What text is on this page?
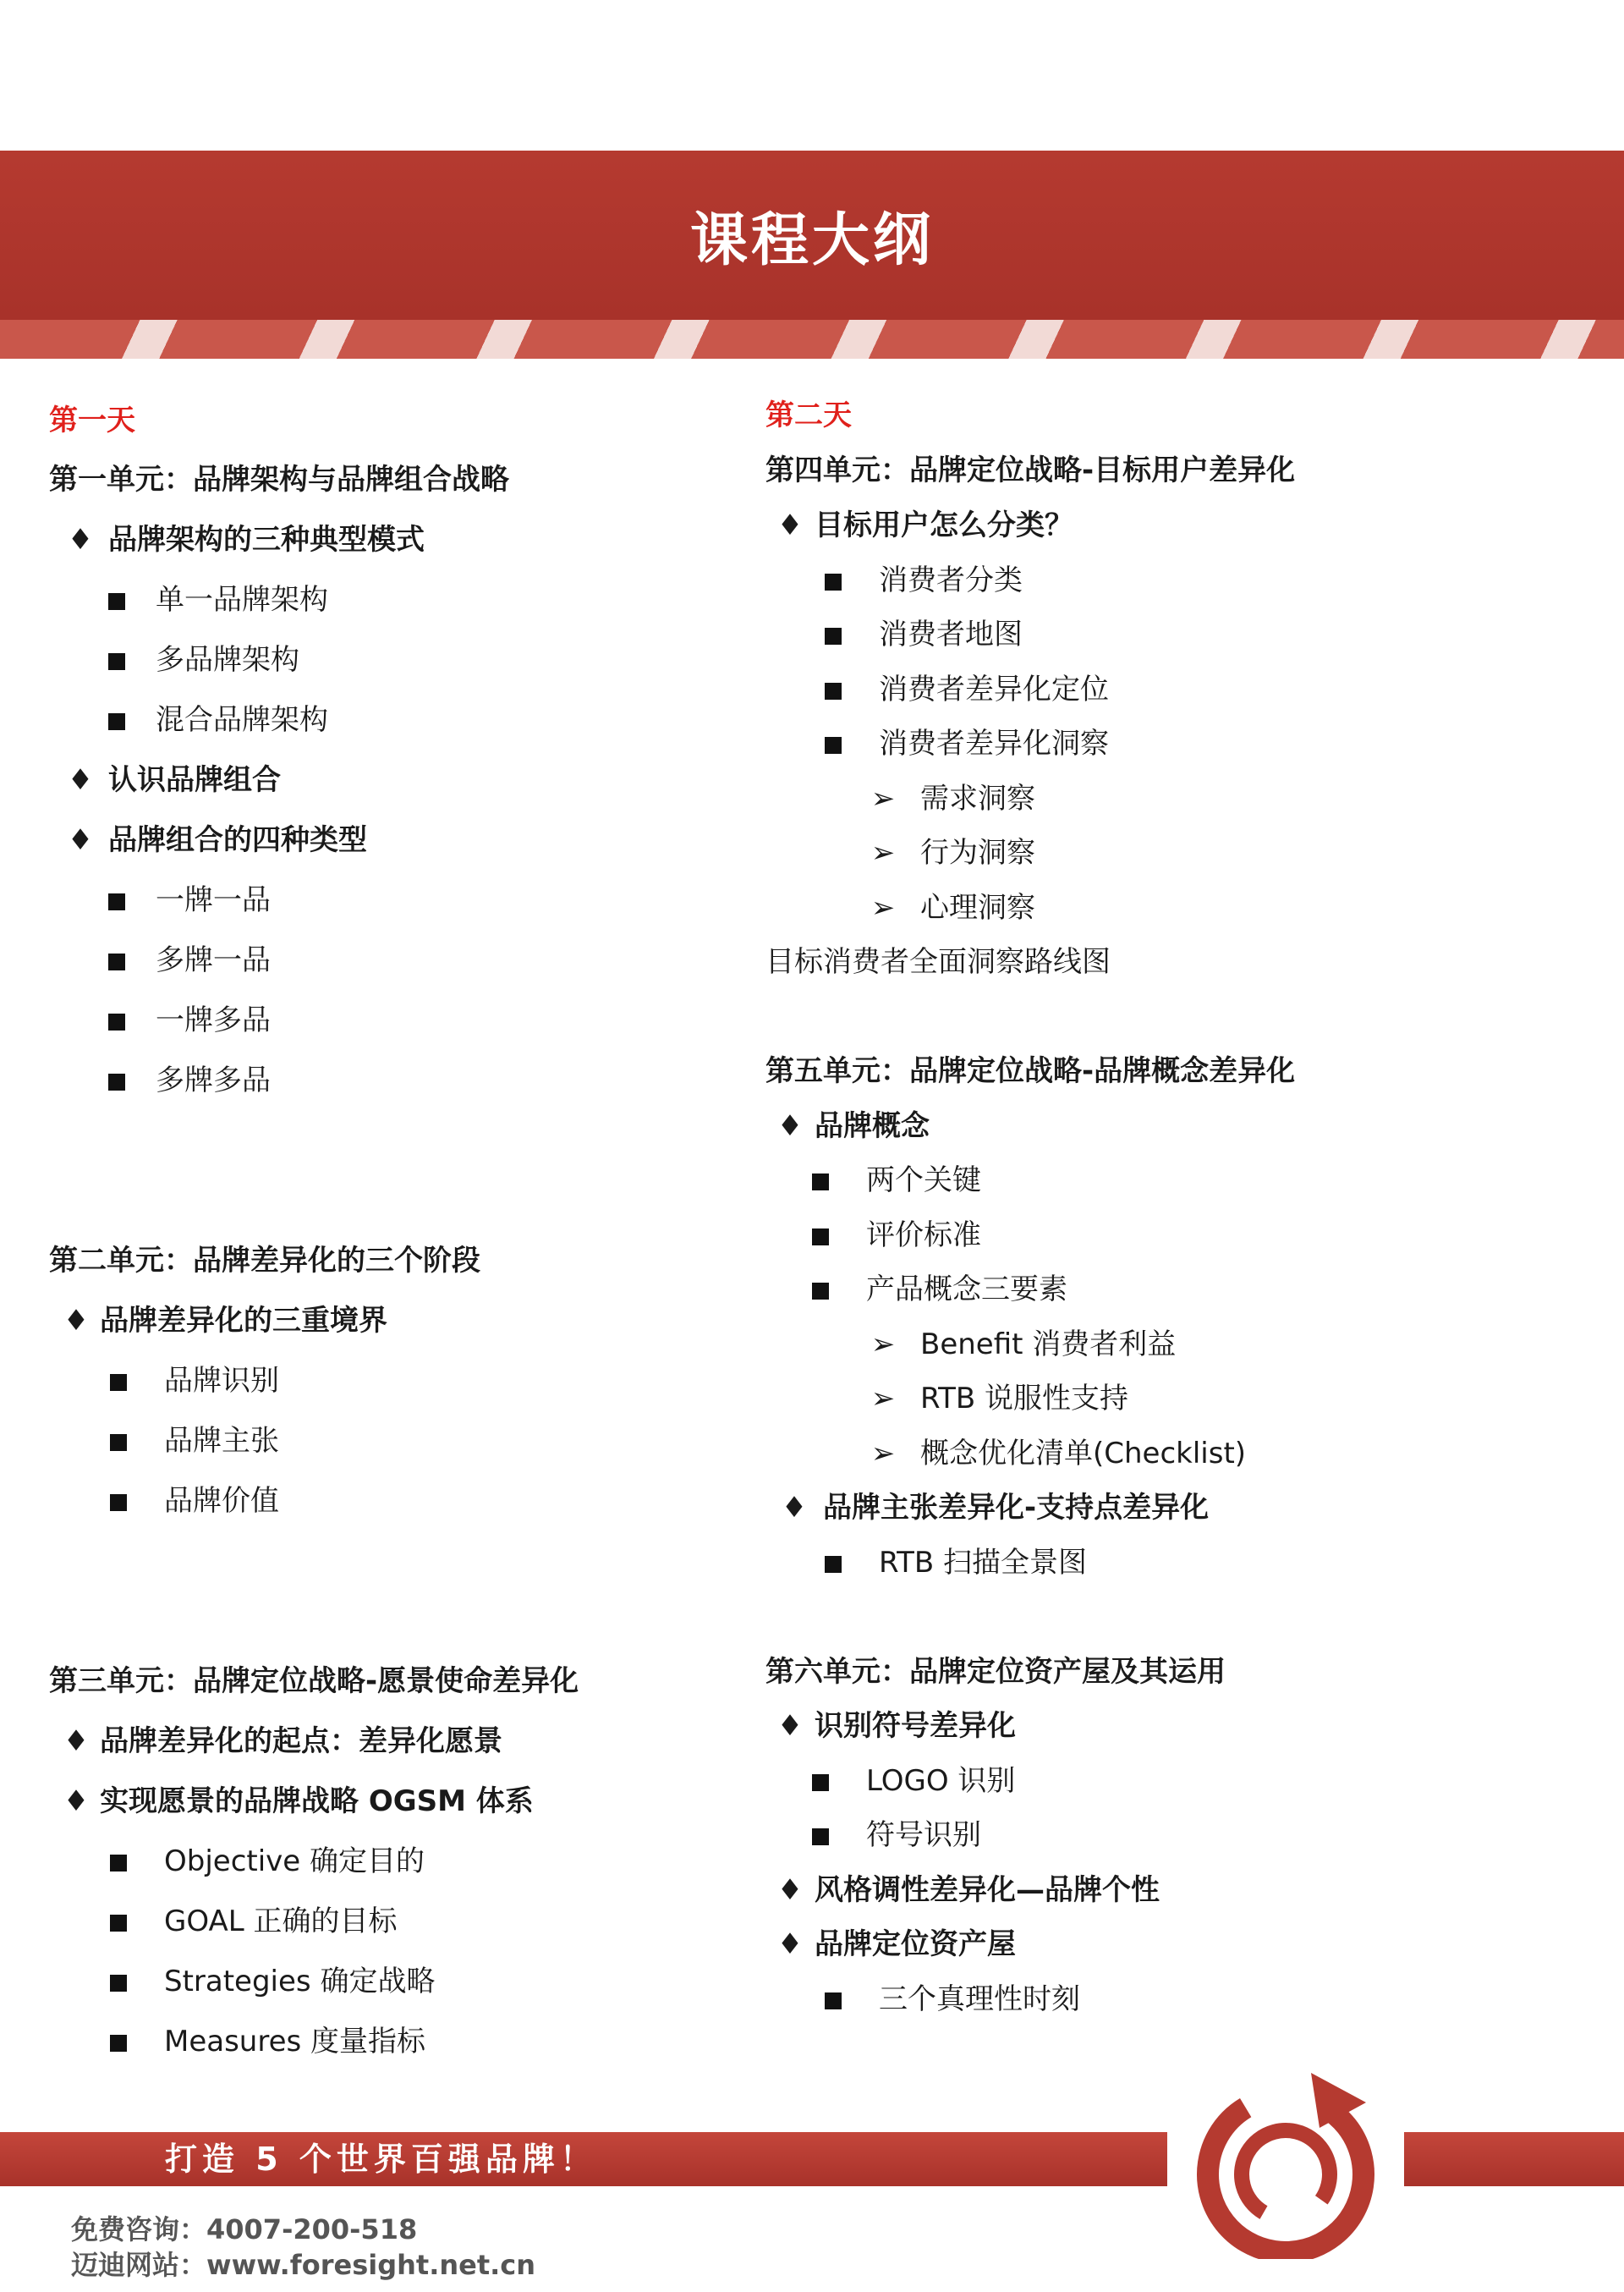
课程大纲
第一天
第一单元：品牌架构与品牌组合战略
♦ 品牌架构的三种典型模式
单一品牌架构
多品牌架构
混合品牌架构
♦ 认识品牌组合
♦ 品牌组合的四种类型
一牌一品
多牌一品
一牌多品
多牌多品
第二单元：品牌差异化的三个阶段
♦ 品牌差异化的三重境界
品牌识别
品牌主张
品牌价值
第三单元：品牌定位战略-愿景使命差异化
♦ 品牌差异化的起点：差异化愿景
♦ 实现愿景的品牌战略 OGSM 体系
Objective 确定目的
GOAL 正确的目标
Strategies 确定战略
Measures 度量指标
第二天
第四单元：品牌定位战略-目标用户差异化
♦ 目标用户怎么分类？
消费者分类
消费者地图
消费者差异化定位
消费者差异化洞察
➢ 需求洞察
➢ 行为洞察
➢ 心理洞察
目标消费者全面洞察路线图
第五单元：品牌定位战略-品牌概念差异化
♦ 品牌概念
两个关键
评价标准
产品概念三要素
➢ Benefit 消费者利益
➢ RTB 说服性支持
➢ 概念优化清单(Checklist)
♦ 品牌主张差异化-支持点差异化
RTB 扫描全景图
第六单元：品牌定位资产屋及其运用
♦ 识别符号差异化
LOGO 识别
符号识别
♦ 风格调性差异化—品牌个性
♦ 品牌定位资产屋
三个真理性时刻
打造 5 个世界百强品牌！
免费咨询：4007-200-518
迈迪网站：www.foresight.net.cn
